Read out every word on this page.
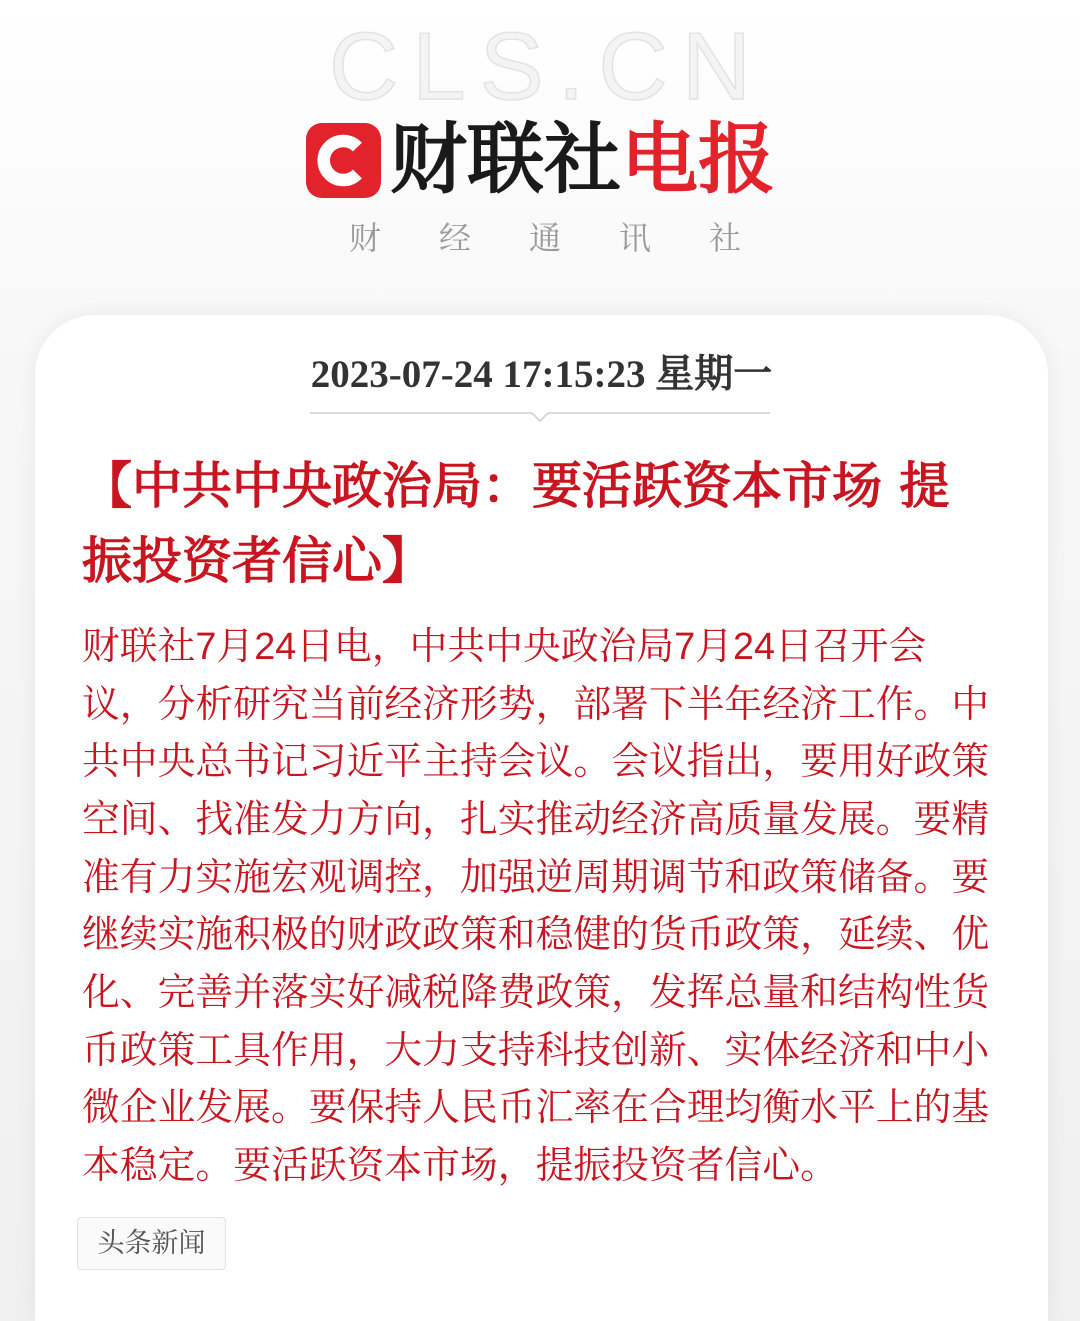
CLS.CN
财联社 电报
财经通讯社
2023-07-24 17:15:23 星期一
【中共中央政治局：要活跃资本市场 提
振投资者信心】
财联社7月24日电，中共中央政治局7月24日召开会
议，分析研究当前经济形势，部署下半年经济工作。中
共中央总书记习近平主持会议。会议指出，要用好政策
空间、找准发力方向，扎实推动经济高质量发展。要精
准有力实施宏观调控，加强逆周期调节和政策储备。要
继续实施积极的财政政策和稳健的货币政策，延续、优
化、完善并落实好减税降费政策，发挥总量和结构性货
币政策工具作用，大力支持科技创新、实体经济和中小
微企业发展。要保持人民币汇率在合理均衡水平上的基
本稳定。要活跃资本市场，提振投资者信心。
头条新闻
